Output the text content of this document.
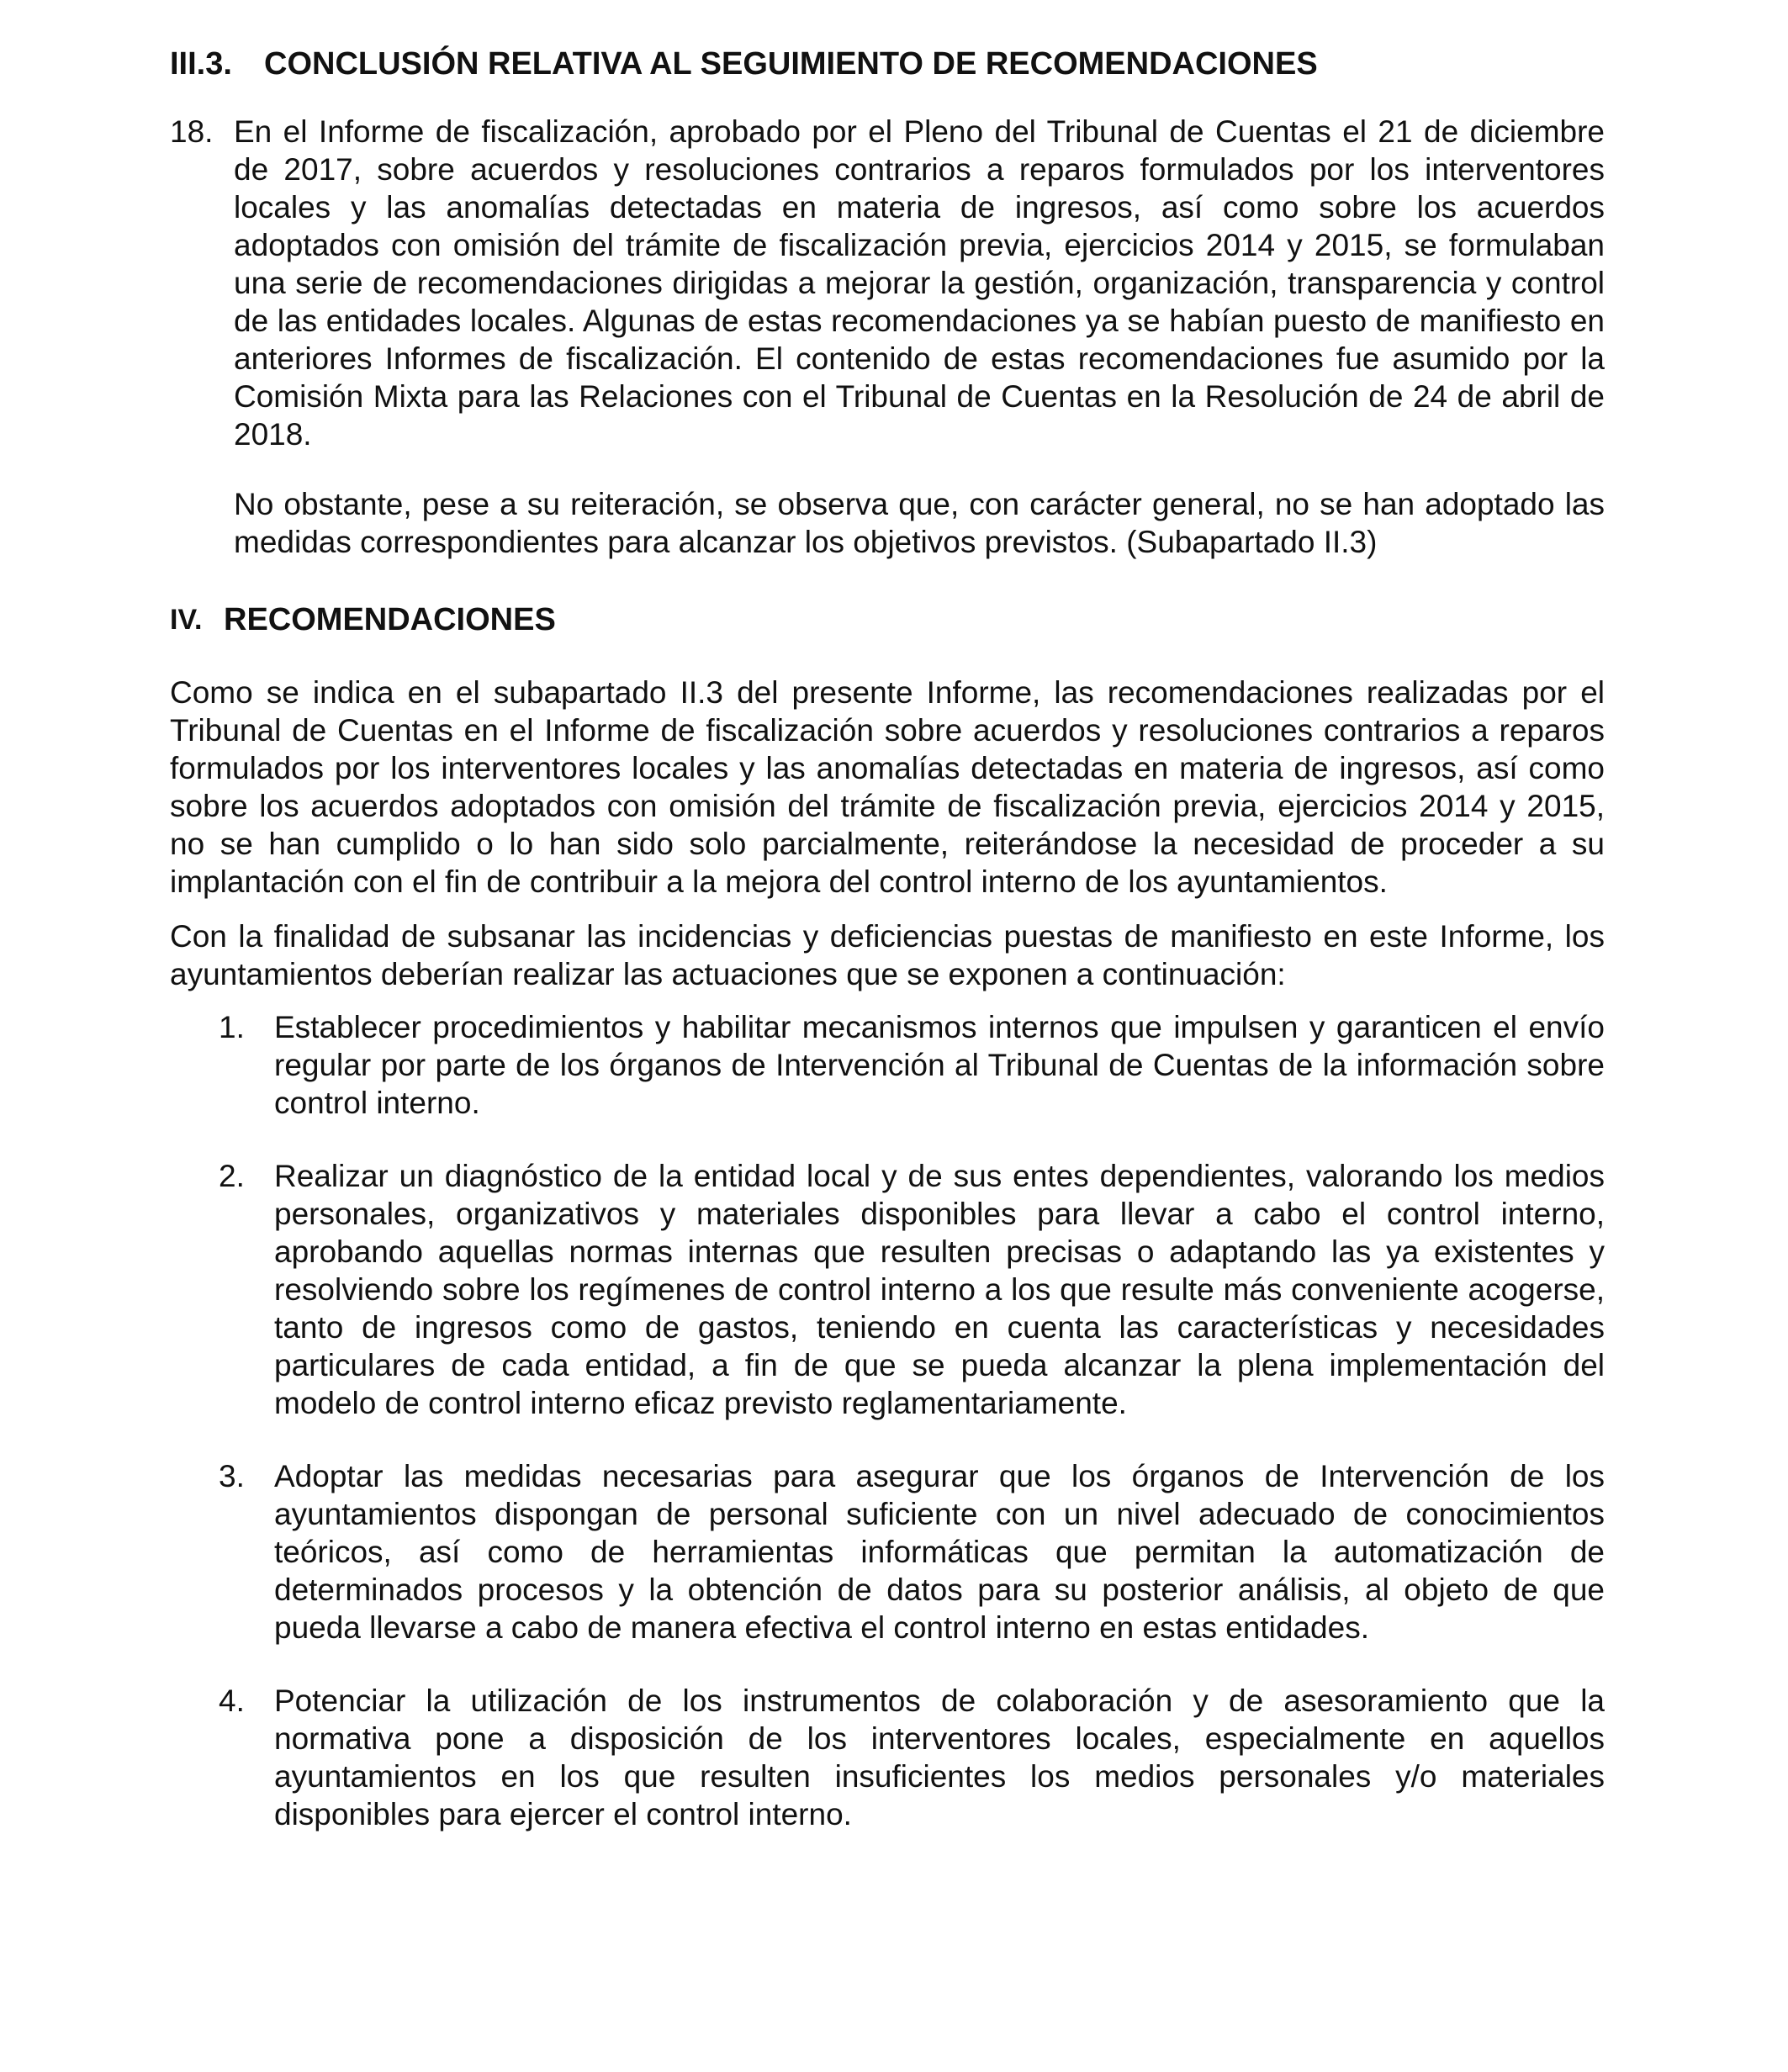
III.3.	CONCLUSIÓN RELATIVA AL SEGUIMIENTO DE RECOMENDACIONES
18. En el Informe de fiscalización, aprobado por el Pleno del Tribunal de Cuentas el 21 de diciembre de 2017, sobre acuerdos y resoluciones contrarios a reparos formulados por los interventores locales y las anomalías detectadas en materia de ingresos, así como sobre los acuerdos adoptados con omisión del trámite de fiscalización previa, ejercicios 2014 y 2015, se formulaban una serie de recomendaciones dirigidas a mejorar la gestión, organización, transparencia y control de las entidades locales. Algunas de estas recomendaciones ya se habían puesto de manifiesto en anteriores Informes de fiscalización. El contenido de estas recomendaciones fue asumido por la Comisión Mixta para las Relaciones con el Tribunal de Cuentas en la Resolución de 24 de abril de 2018.

No obstante, pese a su reiteración, se observa que, con carácter general, no se han adoptado las medidas correspondientes para alcanzar los objetivos previstos. (Subapartado II.3)

IV. RECOMENDACIONES

Como se indica en el subapartado II.3 del presente Informe, las recomendaciones realizadas por el Tribunal de Cuentas en el Informe de fiscalización sobre acuerdos y resoluciones contrarios a reparos formulados por los interventores locales y las anomalías detectadas en materia de ingresos, así como sobre los acuerdos adoptados con omisión del trámite de fiscalización previa, ejercicios 2014 y 2015, no se han cumplido o lo han sido solo parcialmente, reiterándose la necesidad de proceder a su implantación con el fin de contribuir a la mejora del control interno de los ayuntamientos.

Con la finalidad de subsanar las incidencias y deficiencias puestas de manifiesto en este Informe, los ayuntamientos deberían realizar las actuaciones que se exponen a continuación:

1. Establecer procedimientos y habilitar mecanismos internos que impulsen y garanticen el envío regular por parte de los órganos de Intervención al Tribunal de Cuentas de la información sobre control interno.
2. Realizar un diagnóstico de la entidad local y de sus entes dependientes, valorando los medios personales, organizativos y materiales disponibles para llevar a cabo el control interno, aprobando aquellas normas internas que resulten precisas o adaptando las ya existentes y resolviendo sobre los regímenes de control interno a los que resulte más conveniente acogerse, tanto de ingresos como de gastos, teniendo en cuenta las características y necesidades particulares de cada entidad, a fin de que se pueda alcanzar la plena implementación del modelo de control interno eficaz previsto reglamentariamente.
3. Adoptar las medidas necesarias para asegurar que los órganos de Intervención de los ayuntamientos dispongan de personal suficiente con un nivel adecuado de conocimientos teóricos, así como de herramientas informáticas que permitan la automatización de determinados procesos y la obtención de datos para su posterior análisis, al objeto de que pueda llevarse a cabo de manera efectiva el control interno en estas entidades.
4. Potenciar la utilización de los instrumentos de colaboración y de asesoramiento que la normativa pone a disposición de los interventores locales, especialmente en aquellos ayuntamientos en los que resulten insuficientes los medios personales y/o materiales disponibles para ejercer el control interno.
